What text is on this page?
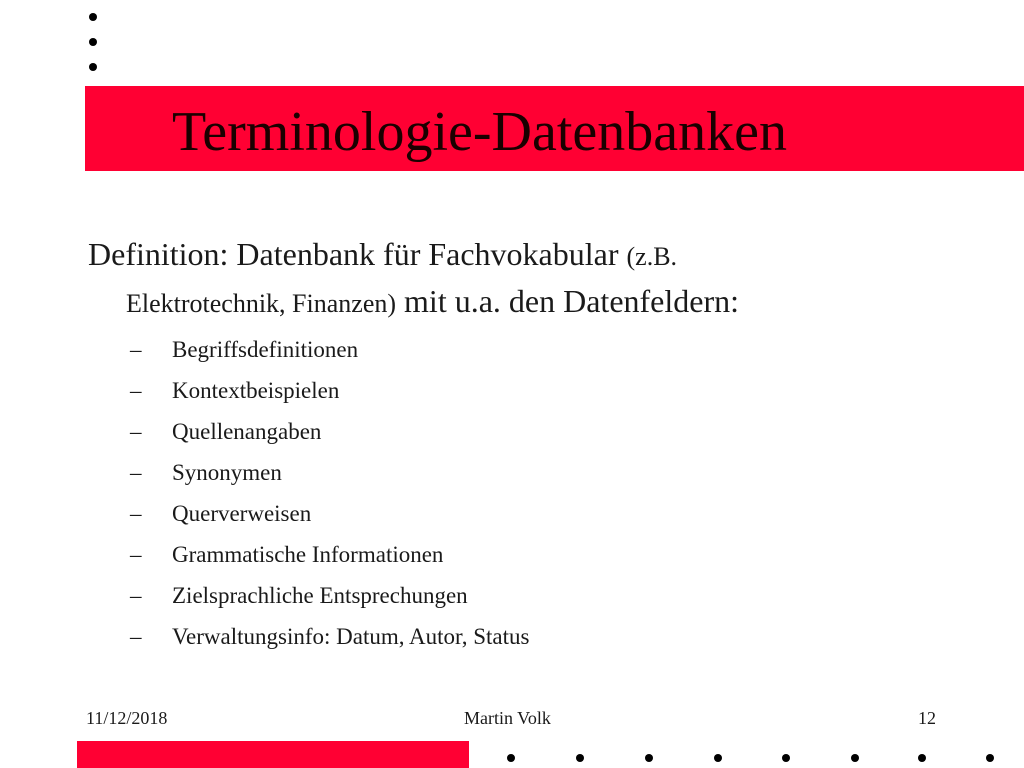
Terminologie-Datenbanken
Definition: Datenbank für Fachvokabular (z.B.
Elektrotechnik, Finanzen) mit u.a. den Datenfeldern:
– Begriffsdefinitionen
– Kontextbeispielen
– Quellenangaben
– Synonymen
– Querverweisen
– Grammatische Informationen
– Zielsprachliche Entsprechungen
– Verwaltungsinfo: Datum, Autor, Status
11/12/2018	Martin Volk	12
